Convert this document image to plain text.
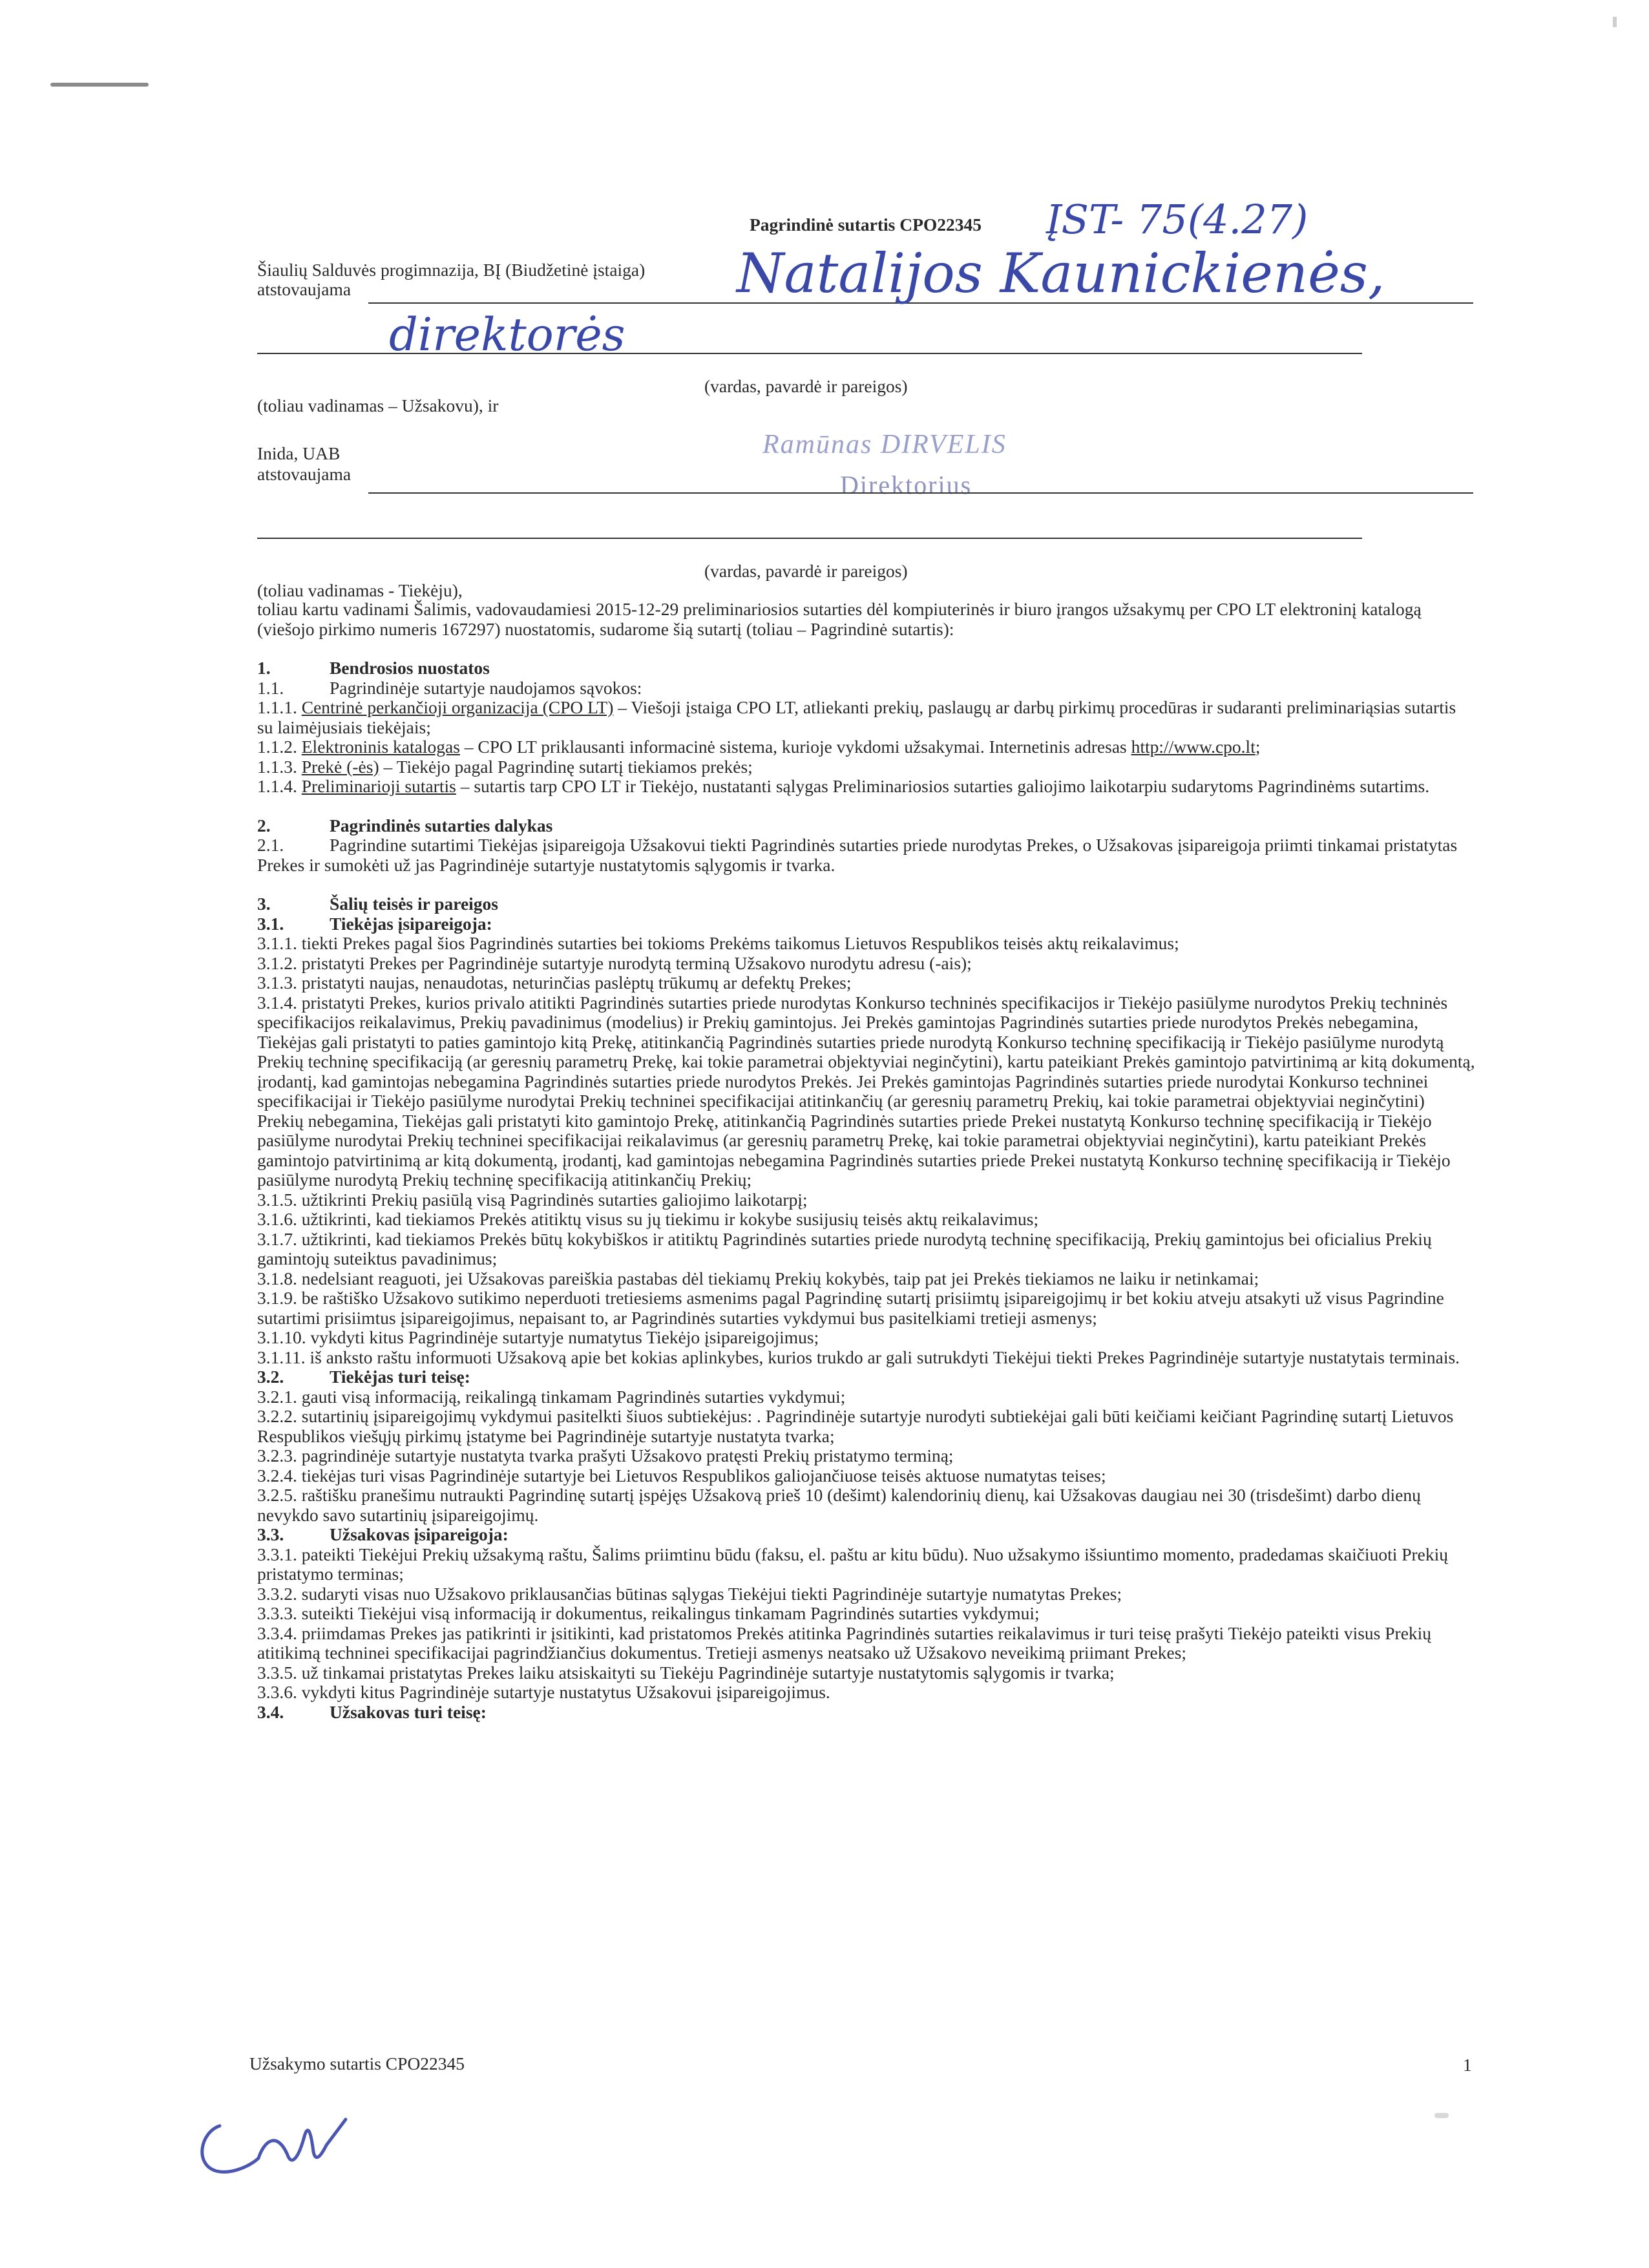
Pagrindinė sutartis CPO22345 ĮST- 75(4.27)
Šiaulių Salduvės progimnazija, BĮ (Biudžetinė įstaiga)
atstovaujama	Natalijos Kaunickienės,
direktorės
(vardas, pavardė ir pareigos)
(toliau vadinamas – Užsakovu), ir
Inida, UAB
atstovaujama
Ramūnas DIRVELIS
Direktorius
(vardas, pavardė ir pareigos)
(toliau vadinamas - Tiekėju),

toliau kartu vadinami Šalimis, vadovaudamiesi 2015-12-29 preliminariosios sutarties dėl kompiuterinės ir biuro įrangos užsakymų per CPO LT elektroninį katalogą (viešojo pirkimo numeris 167297) nuostatomis, sudarome šią sutartį (toliau – Pagrindinė sutartis):

1.	Bendrosios nuostatos

1.1.	Pagrindinėje sutartyje naudojamos sąvokos:

1.1.1. Centrinė perkančioji organizacija (CPO LT) – Viešoji įstaiga CPO LT, atliekanti prekių, paslaugų ar darbų pirkimų procedūras ir sudaranti preliminariąsias sutartis su laimėjusiais tiekėjais;

1.1.2. Elektroninis katalogas – CPO LT priklausanti informacinė sistema, kurioje vykdomi užsakymai. Internetinis adresas http://www.cpo.lt;

1.1.3. Prekė (-ės) – Tiekėjo pagal Pagrindinę sutartį tiekiamos prekės;

1.1.4. Preliminarioji sutartis – sutartis tarp CPO LT ir Tiekėjo, nustatanti sąlygas Preliminariosios sutarties galiojimo laikotarpiu sudarytoms Pagrindinėms sutartims.

2.	Pagrindinės sutarties dalykas

2.1.	Pagrindine sutartimi Tiekėjas įsipareigoja Užsakovui tiekti Pagrindinės sutarties priede nurodytas Prekes, o Užsakovas įsipareigoja priimti tinkamai pristatytas Prekes ir sumokėti už jas Pagrindinėje sutartyje nustatytomis sąlygomis ir tvarka.

3.	Šalių teisės ir pareigos

3.1.	Tiekėjas įsipareigoja:

3.1.1. tiekti Prekes pagal šios Pagrindinės sutarties bei tokioms Prekėms taikomus Lietuvos Respublikos teisės aktų reikalavimus;

3.1.2. pristatyti Prekes per Pagrindinėje sutartyje nurodytą terminą Užsakovo nurodytu adresu (-ais);

3.1.3. pristatyti naujas, nenaudotas, neturinčias paslėptų trūkumų ar defektų Prekes;

3.1.4. pristatyti Prekes, kurios privalo atitikti Pagrindinės sutarties priede nurodytas Konkurso techninės specifikacijos ir Tiekėjo pasiūlyme nurodytos Prekių techninės specifikacijos reikalavimus, Prekių pavadinimus (modelius) ir Prekių gamintojus. Jei Prekės gamintojas Pagrindinės sutarties priede nurodytos Prekės nebegamina, Tiekėjas gali pristatyti to paties gamintojo kitą Prekę, atitinkančią Pagrindinės sutarties priede nurodytą Konkurso techninę specifikaciją ir Tiekėjo pasiūlyme nurodytą Prekių techninę specifikaciją (ar geresnių parametrų Prekę, kai tokie parametrai objektyviai neginčytini), kartu pateikiant Prekės gamintojo patvirtinimą ar kitą dokumentą, įrodantį, kad gamintojas nebegamina Pagrindinės sutarties priede nurodytos Prekės. Jei Prekės gamintojas Pagrindinės sutarties priede nurodytai Konkurso techninei specifikacijai ir Tiekėjo pasiūlyme nurodytai Prekių techninei specifikacijai atitinkančių (ar geresnių parametrų Prekių, kai tokie parametrai objektyviai neginčytini) Prekių nebegamina, Tiekėjas gali pristatyti kito gamintojo Prekę, atitinkančią Pagrindinės sutarties priede Prekei nustatytą Konkurso techninę specifikaciją ir Tiekėjo pasiūlyme nurodytai Prekių techninei specifikacijai reikalavimus (ar geresnių parametrų Prekę, kai tokie parametrai objektyviai neginčytini), kartu pateikiant Prekės gamintojo patvirtinimą ar kitą dokumentą, įrodantį, kad gamintojas nebegamina Pagrindinės sutarties priede Prekei nustatytą Konkurso techninę specifikaciją ir Tiekėjo pasiūlyme nurodytą Prekių techninę specifikaciją atitinkančių Prekių;

3.1.5. užtikrinti Prekių pasiūlą visą Pagrindinės sutarties galiojimo laikotarpį;

3.1.6. užtikrinti, kad tiekiamos Prekės atitiktų visus su jų tiekimu ir kokybe susijusių teisės aktų reikalavimus;

3.1.7. užtikrinti, kad tiekiamos Prekės būtų kokybiškos ir atitiktų Pagrindinės sutarties priede nurodytą techninę specifikaciją, Prekių gamintojus bei oficialius Prekių gamintojų suteiktus pavadinimus;

3.1.8. nedelsiant reaguoti, jei Užsakovas pareiškia pastabas dėl tiekiamų Prekių kokybės, taip pat jei Prekės tiekiamos ne laiku ir netinkamai;

3.1.9. be raštiško Užsakovo sutikimo neperduoti tretiesiems asmenims pagal Pagrindinę sutartį prisiimtų įsipareigojimų ir bet kokiu atveju atsakyti už visus Pagrindine sutartimi prisiimtus įsipareigojimus, nepaisant to, ar Pagrindinės sutarties vykdymui bus pasitelkiami tretieji asmenys;

3.1.10. vykdyti kitus Pagrindinėje sutartyje numatytus Tiekėjo įsipareigojimus;

3.1.11. iš anksto raštu informuoti Užsakovą apie bet kokias aplinkybes, kurios trukdo ar gali sutrukdyti Tiekėjui tiekti Prekes Pagrindinėje sutartyje nustatytais terminais.

3.2.	Tiekėjas turi teisę:

3.2.1. gauti visą informaciją, reikalingą tinkamam Pagrindinės sutarties vykdymui;

3.2.2. sutartinių įsipareigojimų vykdymui pasitelkti šiuos subtiekėjus: . Pagrindinėje sutartyje nurodyti subtiekėjai gali būti keičiami keičiant Pagrindinę sutartį Lietuvos Respublikos viešųjų pirkimų įstatyme bei Pagrindinėje sutartyje nustatyta tvarka;

3.2.3. pagrindinėje sutartyje nustatyta tvarka prašyti Užsakovo pratęsti Prekių pristatymo terminą;

3.2.4. tiekėjas turi visas Pagrindinėje sutartyje bei Lietuvos Respublikos galiojančiuose teisės aktuose numatytas teises;

3.2.5. raštišku pranešimu nutraukti Pagrindinę sutartį įspėjęs Užsakovą prieš 10 (dešimt) kalendorinių dienų, kai Užsakovas daugiau nei 30 (trisdešimt) darbo dienų nevykdo savo sutartinių įsipareigojimų.

3.3.	Užsakovas įsipareigoja:

3.3.1. pateikti Tiekėjui Prekių užsakymą raštu, Šalims priimtinu būdu (faksu, el. paštu ar kitu būdu). Nuo užsakymo išsiuntimo momento, pradedamas skaičiuoti Prekių pristatymo terminas;

3.3.2. sudaryti visas nuo Užsakovo priklausančias būtinas sąlygas Tiekėjui tiekti Pagrindinėje sutartyje numatytas Prekes;

3.3.3. suteikti Tiekėjui visą informaciją ir dokumentus, reikalingus tinkamam Pagrindinės sutarties vykdymui;

3.3.4. priimdamas Prekes jas patikrinti ir įsitikinti, kad pristatomos Prekės atitinka Pagrindinės sutarties reikalavimus ir turi teisę prašyti Tiekėjo pateikti visus Prekių atitikimą techninei specifikacijai pagrindžiančius dokumentus. Tretieji asmenys neatsako už Užsakovo neveikimą priimant Prekes;

3.3.5. už tinkamai pristatytas Prekes laiku atsiskaityti su Tiekėju Pagrindinėje sutartyje nustatytomis sąlygomis ir tvarka;

3.3.6. vykdyti kitus Pagrindinėje sutartyje nustatytus Užsakovui įsipareigojimus.

3.4.	Užsakovas turi teisę:

Užsakymo sutartis CPO22345	1
